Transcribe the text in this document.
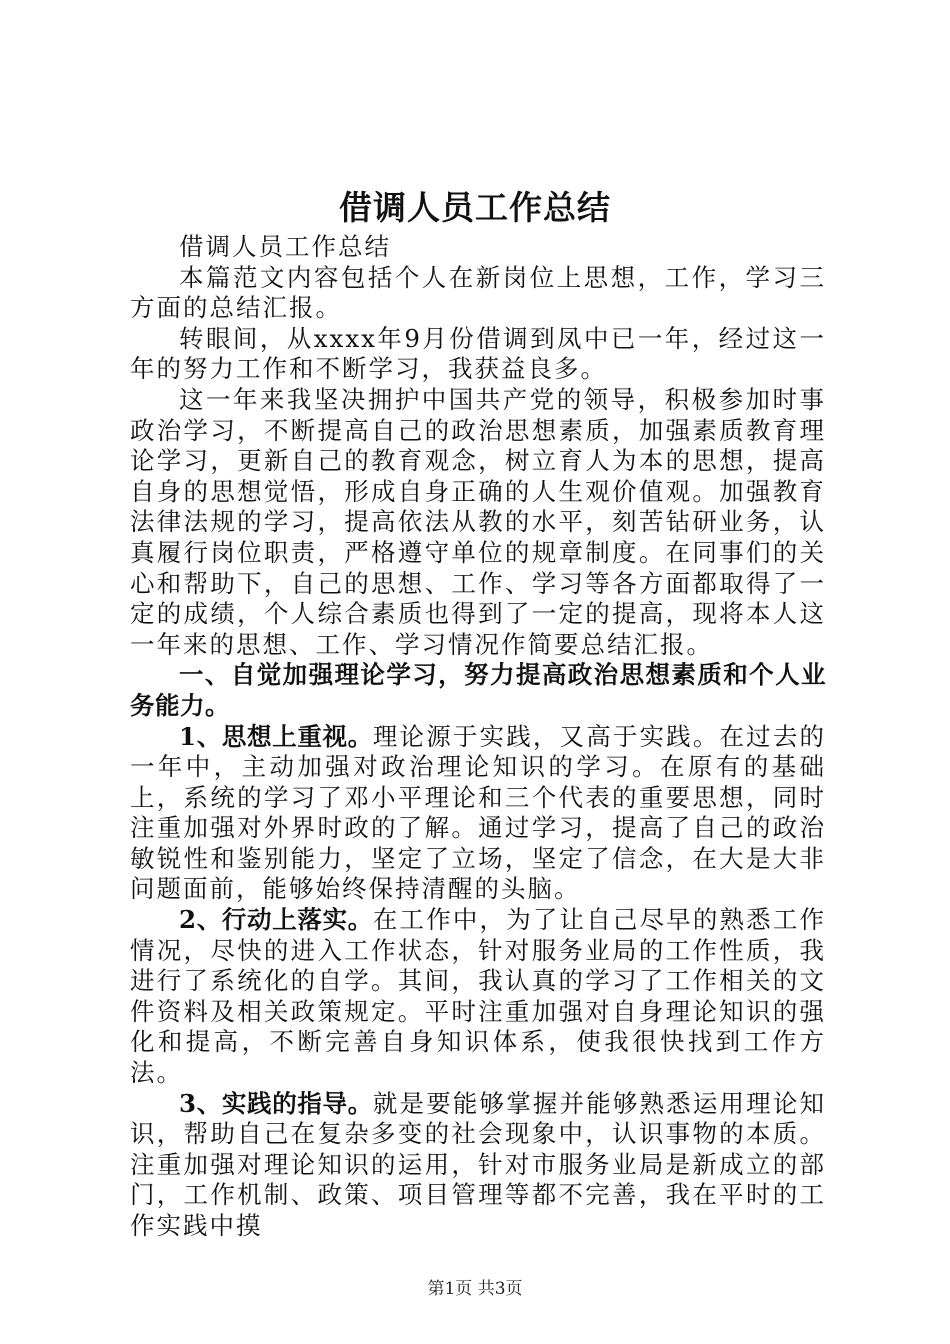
借调人员工作总结

借调人员工作总结

本篇范文内容包括个人在新岗位上思想，工作，学习三方面的总结汇报。

转眼间，从xxxx年9月份借调到凤中已一年，经过这一年的努力工作和不断学习，我获益良多。

这一年来我坚决拥护中国共产党的领导，积极参加时事政治学习，不断提高自己的政治思想素质，加强素质教育理论学习，更新自己的教育观念，树立育人为本的思想，提高自身的思想觉悟，形成自身正确的人生观价值观。加强教育法律法规的学习，提高依法从教的水平，刻苦钻研业务，认真履行岗位职责，严格遵守单位的规章制度。在同事们的关心和帮助下，自己的思想、工作、学习等各方面都取得了一定的成绩，个人综合素质也得到了一定的提高，现将本人这一年来的思想、工作、学习情况作简要总结汇报。

一、自觉加强理论学习，努力提高政治思想素质和个人业务能力。

1、思想上重视。理论源于实践，又高于实践。在过去的一年中，主动加强对政治理论知识的学习。在原有的基础上，系统的学习了邓小平理论和三个代表的重要思想，同时注重加强对外界时政的了解。通过学习，提高了自己的政治敏锐性和鉴别能力，坚定了立场，坚定了信念，在大是大非问题面前，能够始终保持清醒的头脑。

2、行动上落实。在工作中，为了让自己尽早的熟悉工作情况，尽快的进入工作状态，针对服务业局的工作性质，我进行了系统化的自学。其间，我认真的学习了工作相关的文件资料及相关政策规定。平时注重加强对自身理论知识的强化和提高，不断完善自身知识体系，使我很快找到工作方法。

3、实践的指导。就是要能够掌握并能够熟悉运用理论知识，帮助自己在复杂多变的社会现象中，认识事物的本质。注重加强对理论知识的运用，针对市服务业局是新成立的部门，工作机制、政策、项目管理等都不完善，我在平时的工作实践中摸

第1页 共3页
